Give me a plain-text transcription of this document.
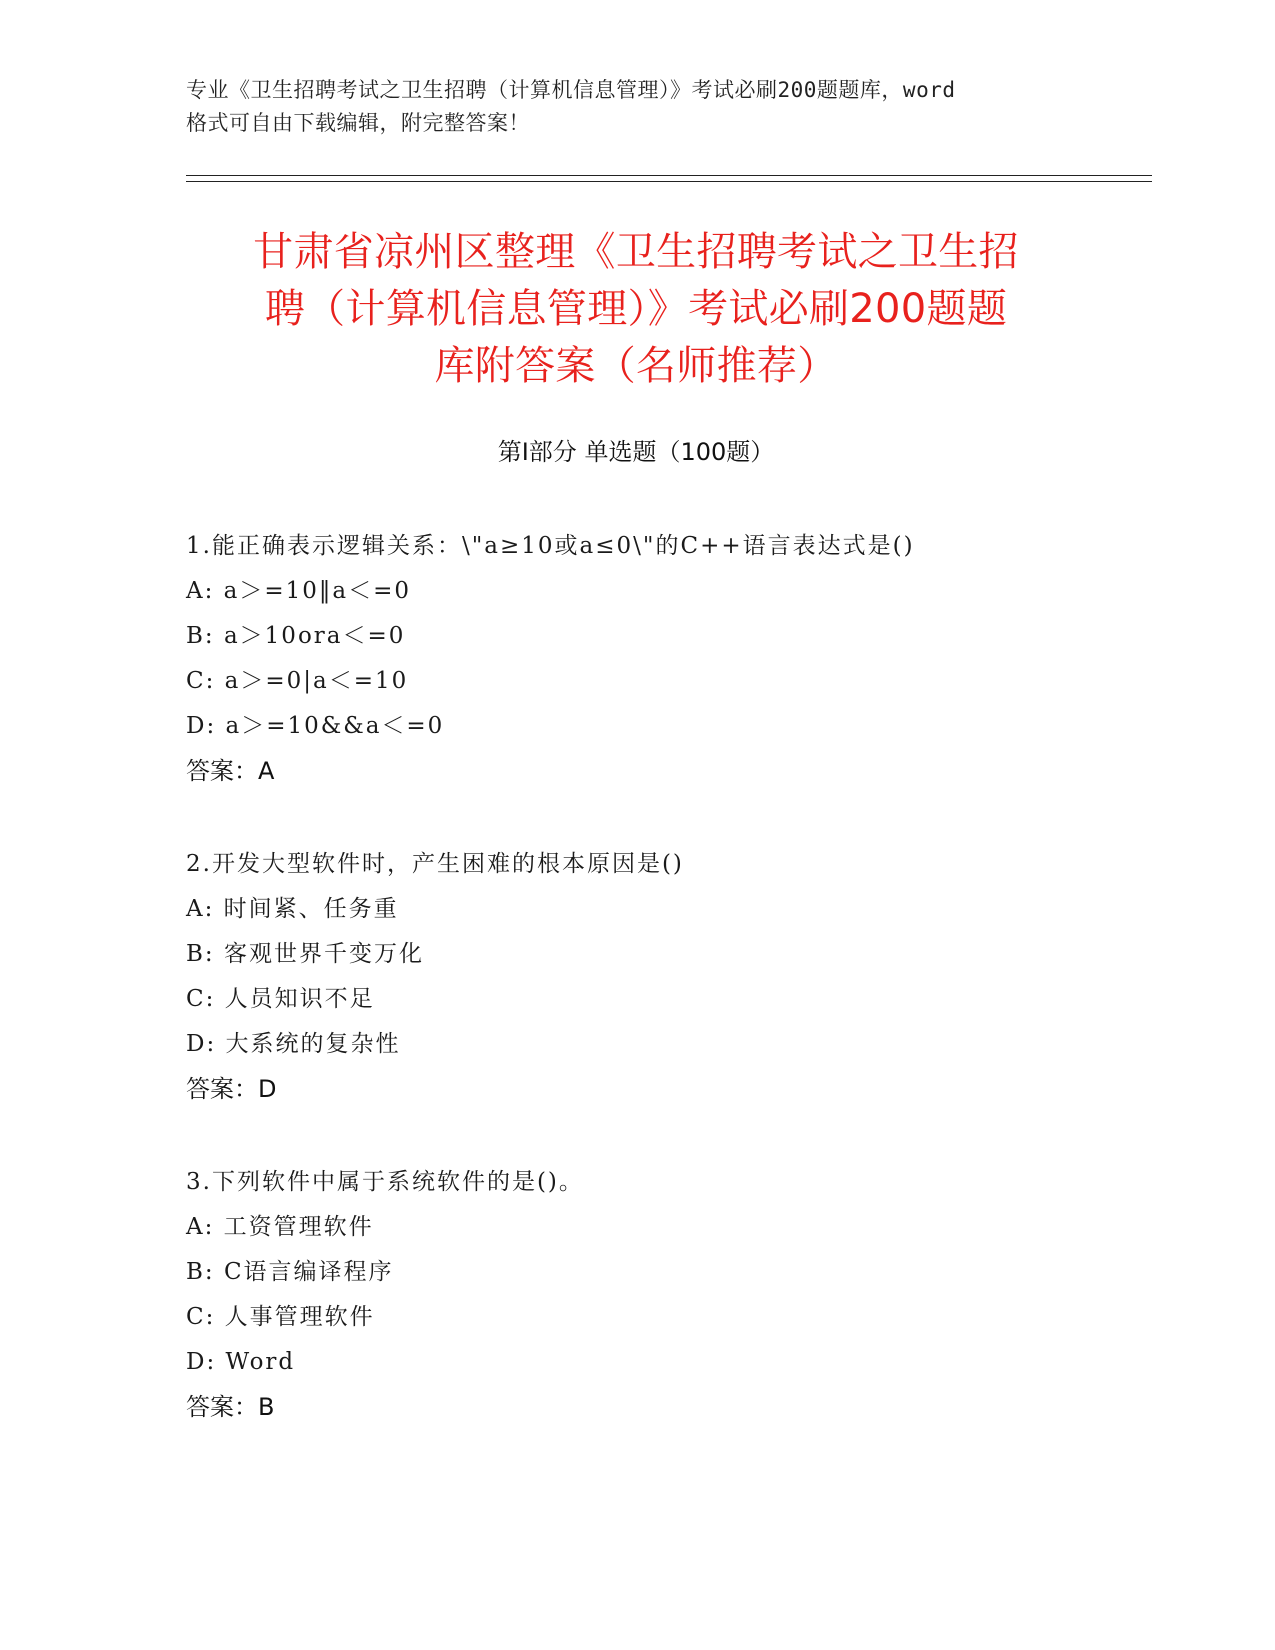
专业《卫生招聘考试之卫生招聘（计算机信息管理）》考试必刷200题题库，word
格式可自由下载编辑，附完整答案！
甘肃省凉州区整理《卫生招聘考试之卫生招
聘（计算机信息管理）》考试必刷200题题
库附答案（名师推荐）
第I部分 单选题（100题）
1.能正确表示逻辑关系：\"a≥10或a≤0\"的C++语言表达式是()
A: a＞=10‖a＜=0
B: a＞10ora＜=0
C: a＞=0|a＜=10
D: a＞=10&&a＜=0
答案：A
2.开发大型软件时，产生困难的根本原因是()
A: 时间紧、任务重
B: 客观世界千变万化
C: 人员知识不足
D: 大系统的复杂性
答案：D
3.下列软件中属于系统软件的是()。
A: 工资管理软件
B: C语言编译程序
C: 人事管理软件
D: Word
答案：B
